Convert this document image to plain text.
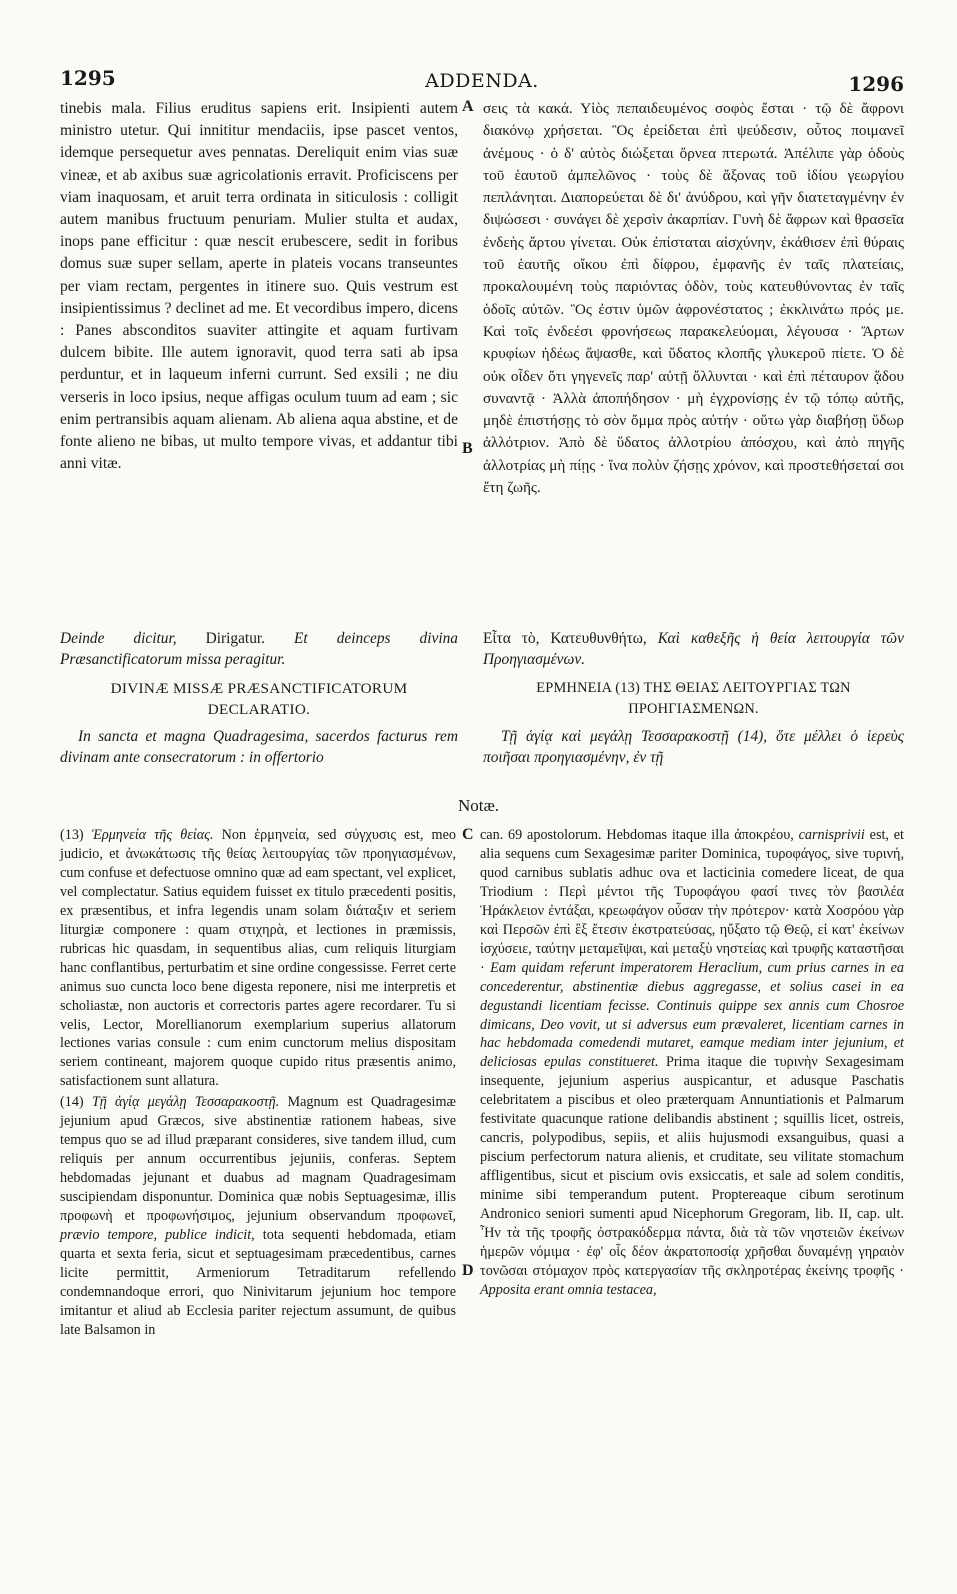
1295	ADDENDA.	1296

tinebis mala. Filius eruditus sapiens erit. Insipienti autem ministro utetur. Qui innititur mendaciis, ipse pascet ventos, idemque persequetur aves pennatas. Dereliquit enim vias suæ vineæ, et ab axibus suæ agricolationis erravit. Proficiscens per viam inaquosam, et aruit terra ordinata in siticulosis : colligit autem manibus fructuum penuriam. Mulier stulta et audax, inops pane efficitur : quæ nescit erubescere, sedit in foribus domus suæ super sellam, aperte in plateis vocans transeuntes per viam rectam, pergentes in itinere suo. Quis vestrum est insipientissimus ? declinet ad me. Et vecordibus impero, dicens : Panes absconditos suaviter attingite et aquam furtivam dulcem bibite. Ille autem ignoravit, quod terra sati ab ipsa perduntur, et in laqueum inferni currunt. Sed exsili ; ne diu verseris in loco ipsius, neque affigas oculum tuum ad eam ; sic enim pertransibis aquam alienam. Ab aliena aqua abstine, et de fonte alieno ne bibas, ut multo tempore vivas, et addantur tibi anni vitæ.

σεις τὰ κακά. Υἱὸς πεπαιδευμένος σοφὸς ἔσται · τῷ δὲ ἄφρονι διακόνῳ χρήσεται. Ὃς ἐρείδεται ἐπὶ ψεύδεσιν, οὗτος ποιμανεῖ ἀνέμους · ὁ δ' αὐτὸς διώξεται ὄρνεα πτερωτά. Ἀπέλιπε γὰρ ὁδοὺς τοῦ ἑαυτοῦ ἀμπελῶνος · τοὺς δὲ ἄξονας τοῦ ἰδίου γεωργίου πεπλάνηται. Διαπορεύεται δὲ δι' ἀνύδρου, καὶ γῆν διατεταγμένην ἐν διψώσεσι · συνάγει δὲ χερσὶν ἀκαρπίαν. Γυνὴ δὲ ἄφρων καὶ θρασεῖα ἐνδεὴς ἄρτου γίνεται. Οὐκ ἐπίσταται αἰσχύνην, ἐκάθισεν ἐπὶ θύραις τοῦ ἑαυτῆς οἴκου ἐπὶ δίφρου, ἐμφανῆς ἐν ταῖς πλατείαις, προκαλουμένη τοὺς παριόντας ὁδὸν, τοὺς κατευθύνοντας ἐν ταῖς ὁδοῖς αὐτῶν. Ὃς ἐστιν ὑμῶν ἀφρονέστατος ; ἐκκλινάτω πρός με. Καὶ τοῖς ἐνδεέσι φρονήσεως παρακελεύομαι, λέγουσα · Ἄρτων κρυφίων ἡδέως ἅψασθε, καὶ ὕδατος κλοπῆς γλυκεροῦ πίετε. Ὁ δὲ οὐκ οἶδεν ὅτι γηγενεῖς παρ' αὐτῇ ὄλλυνται · καὶ ἐπὶ πέταυρον ᾅδου συναντᾷ · Ἀλλὰ ἀποπήδησον · μὴ ἐγχρονίσῃς ἐν τῷ τόπῳ αὐτῆς, μηδὲ ἐπιστήσῃς τὸ σὸν ὄμμα πρὸς αὐτήν · οὕτω γὰρ διαβήσῃ ὕδωρ ἀλλότριον. Ἀπὸ δὲ ὕδατος ἀλλοτρίου ἀπόσχου, καὶ ἀπὸ πηγῆς ἀλλοτρίας μὴ πίῃς · ἵνα πολὺν ζήσῃς χρόνον, καὶ προστεθήσεταί σοι ἔτη ζωῆς.

A
B

Deinde dicitur, Dirigatur. Et deinceps divina Præsanctificatorum missa peragitur.

DIVINÆ MISSÆ PRÆSANCTIFICATORUM DECLARATIO.

In sancta et magna Quadragesima, sacerdos facturus rem divinam ante consecratorum : in offertorio

Εἶτα τὸ, Κατευθυνθήτω, Καὶ καθεξῆς ἡ θεία λειτουργία τῶν Προηγιασμένων.

ΕΡΜΗΝΕΙΑ (13) ΤΗΣ ΘΕΙΑΣ ΛΕΙΤΟΥΡΓΙΑΣ ΤΩΝ ΠΡΟΗΓΙΑΣΜΕΝΩΝ.

Τῇ ἁγίᾳ καὶ μεγάλῃ Τεσσαρακοστῇ (14), ὅτε μέλλει ὁ ἱερεὺς ποιῆσαι προηγιασμένην, ἐν τῇ

Notæ.

(13) Ἑρμηνεία τῆς θείας. Non ἑρμηνεία, sed σύγχυσις est, meo judicio, et ἀνωκάτωσις τῆς θείας λειτουργίας τῶν προηγιασμένων, cum confuse et defectuose omnino quæ ad eam spectant, vel explicet, vel complectatur. Satius equidem fuisset ex titulo præcedenti positis, ex præsentibus, et infra legendis unam solam διάταξιν et seriem liturgiæ componere : quam στιχηρὰ, et lectiones in præmissis, rubricas hic quasdam, in sequentibus alias, cum reliquis liturgiam hanc conflantibus, perturbatim et sine ordine congessisse. Ferret certe animus suo cuncta loco bene digesta reponere, nisi me interpretis et scholiastæ, non auctoris et correctoris partes agere recordarer. Tu si velis, Lector, Morellianorum exemplarium superius allatorum lectiones varias consule : cum enim cunctorum melius dispositam seriem contineant, majorem quoque cupido ritus præsentis animo, satisfactionem sunt allatura.

(14) Τῇ ἁγίᾳ μεγάλῃ Τεσσαρακοστῇ. Magnum est Quadragesimæ jejunium apud Græcos, sive abstinentiæ rationem habeas, sive tempus quo se ad illud præparant consideres, sive tandem illud, cum reliquis per annum occurrentibus jejuniis, conferas. Septem hebdomadas jejunant et duabus ad magnam Quadragesimam suscipiendam disponuntur. Dominica quæ nobis Septuagesimæ, illis προφωνὴ et προφωνήσιμος, jejunium observandum προφωνεῖ, prævio tempore, publice indicit, tota sequenti hebdomada, etiam quarta et sexta feria, sicut et septuagesimam præcedentibus, carnes licite permittit, Armeniorum Tetraditarum refellendo condemnandoque errori, quo Ninivitarum jejunium hoc tempore imitantur et aliud ab Ecclesia pariter rejectum assumunt, de quibus late Balsamon in

C
D

can. 69 apostolorum. Hebdomas itaque illa ἀποκρέου, carnisprivii est, et alia sequens cum Sexagesimæ pariter Dominica, τυροφάγος, sive τυρινή, quod carnibus sublatis adhuc ova et lacticinia comedere liceat, de qua Triodium : Περὶ μέντοι τῆς Τυροφάγου φασί τινες τὸν βασιλέα Ἡράκλειον ἐντάξαι, κρεωφάγον οὖσαν τὴν πρότερον· κατὰ Χοσρόου γὰρ καὶ Περσῶν ἐπὶ ἓξ ἔτεσιν ἐκστρατεύσας, ηὔξατο τῷ Θεῷ, εἰ κατ' ἐκείνων ἰσχύσειε, ταύτην μεταμεῖψαι, καὶ μεταξὺ νηστείας καὶ τρυφῆς καταστῆσαι · Eam quidam referunt imperatorem Heraclium, cum prius carnes in ea concederentur, abstinentiæ diebus aggregasse, et solius casei in ea degustandi licentiam fecisse. Continuis quippe sex annis cum Chosroe dimicans, Deo vovit, ut si adversus eum prævaleret, licentiam carnes in hac hebdomada comedendi mutaret, eamque mediam inter jejunium, et deliciosas epulas constitueret. Prima itaque die τυρινὴν Sexagesimam insequente, jejunium asperius auspicantur, et adusque Paschatis celebritatem a piscibus et oleo præterquam Annuntiationis et Palmarum festivitate quacunque ratione delibandis abstinent ; squillis licet, ostreis, cancris, polypodibus, sepiis, et aliis hujusmodi exsanguibus, quasi a piscium perfectorum natura alienis, et cruditate, seu vilitate stomachum affligentibus, sicut et piscium ovis exsiccatis, et sale ad solem conditis, minime sibi temperandum putent. Proptereaque cibum serotinum Andronico seniori sumenti apud Nicephorum Gregoram, lib. II, cap. ult. Ἦν τὰ τῆς τροφῆς ὀστρακόδερμα πάντα, διὰ τὰ τῶν νηστειῶν ἐκείνων ἡμερῶν νόμιμα · ἐφ' οἷς δέον ἀκρατοποσίᾳ χρῆσθαι δυναμένῃ γηραιὸν τονῶσαι στόμαχον πρὸς κατεργασίαν τῆς σκληροτέρας ἐκείνης τροφῆς · Apposita erant omnia testacea,
